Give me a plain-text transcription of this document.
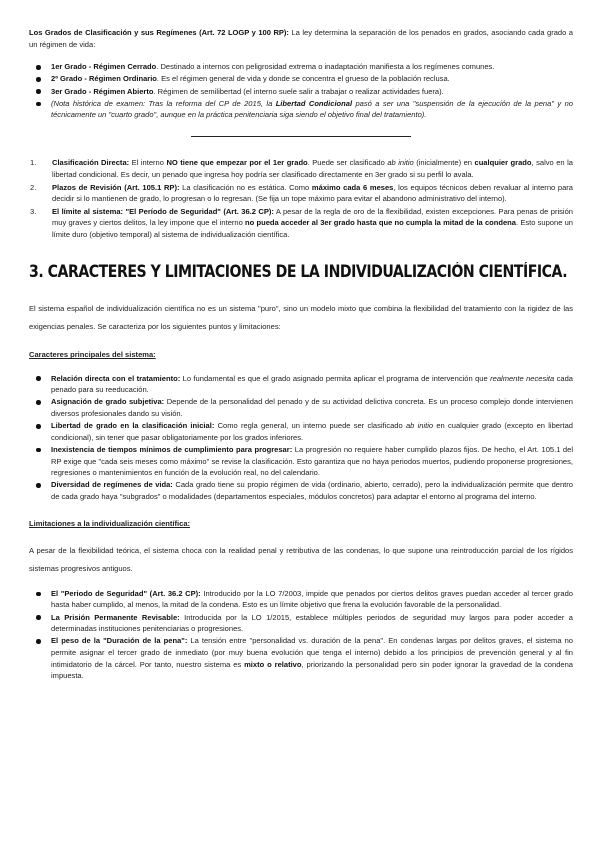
Los Grados de Clasificación y sus Regímenes (Art. 72 LOGP y 100 RP): La ley determina la separación de los penados en grados, asociando cada grado a un régimen de vida:

1er Grado - Régimen Cerrado. Destinado a internos con peligrosidad extrema o inadaptación manifiesta a los regímenes comunes.
2º Grado - Régimen Ordinario. Es el régimen general de vida y donde se concentra el grueso de la población reclusa.
3er Grado - Régimen Abierto. Régimen de semilibertad (el interno suele salir a trabajar o realizar actividades fuera).
(Nota histórica de examen: Tras la reforma del CP de 2015, la Libertad Condicional pasó a ser una "suspensión de la ejecución de la pena" y no técnicamente un "cuarto grado", aunque en la práctica penitenciaria siga siendo el objetivo final del tratamiento).
1. Clasificación Directa: El interno NO tiene que empezar por el 1er grado. Puede ser clasificado ab initio (inicialmente) en cualquier grado, salvo en la libertad condicional. Es decir, un penado que ingresa hoy podría ser clasificado directamente en 3er grado si su perfil lo avala.
2. Plazos de Revisión (Art. 105.1 RP): La clasificación no es estática. Como máximo cada 6 meses, los equipos técnicos deben revaluar al interno para decidir si lo mantienen de grado, lo progresan o lo regresan. (Se fija un tope máximo para evitar el abandono administrativo del interno).
3. El límite al sistema: "El Período de Seguridad" (Art. 36.2 CP): A pesar de la regla de oro de la flexibilidad, existen excepciones. Para penas de prisión muy graves y ciertos delitos, la ley impone que el interno no pueda acceder al 3er grado hasta que no cumpla la mitad de la condena. Esto supone un límite duro (objetivo temporal) al sistema de individualización científica.
3. CARACTERES Y LIMITACIONES DE LA INDIVIDUALIZACIÓN CIENTÍFICA.

El sistema español de individualización científica no es un sistema "puro", sino un modelo mixto que combina la flexibilidad del tratamiento con la rigidez de las exigencias penales. Se caracteriza por los siguientes puntos y limitaciones:

Caracteres principales del sistema:

Relación directa con el tratamiento: Lo fundamental es que el grado asignado permita aplicar el programa de intervención que realmente necesita cada penado para su reeducación.
Asignación de grado subjetiva: Depende de la personalidad del penado y de su actividad delictiva concreta. Es un proceso complejo donde intervienen diversos profesionales dando su visión.
Libertad de grado en la clasificación inicial: Como regla general, un interno puede ser clasificado ab initio en cualquier grado (excepto en libertad condicional), sin tener que pasar obligatoriamente por los grados inferiores.
Inexistencia de tiempos mínimos de cumplimiento para progresar: La progresión no requiere haber cumplido plazos fijos. De hecho, el Art. 105.1 del RP exige que "cada seis meses como máximo" se revise la clasificación. Esto garantiza que no haya periodos muertos, pudiendo proponerse progresiones, regresiones o mantenimientos en función de la evolución real, no del calendario.
Diversidad de regímenes de vida: Cada grado tiene su propio régimen de vida (ordinario, abierto, cerrado), pero la individualización permite que dentro de cada grado haya "subgrados" o modalidades (departamentos especiales, módulos concretos) para adaptar el entorno al programa del interno.

Limitaciones a la individualización científica:

A pesar de la flexibilidad teórica, el sistema choca con la realidad penal y retributiva de las condenas, lo que supone una reintroducción parcial de los rígidos sistemas progresivos antiguos.

El "Periodo de Seguridad" (Art. 36.2 CP): Introducido por la LO 7/2003, impide que penados por ciertos delitos graves puedan acceder al tercer grado hasta haber cumplido, al menos, la mitad de la condena. Esto es un límite objetivo que frena la evolución favorable de la personalidad.
La Prisión Permanente Revisable: Introducida por la LO 1/2015, establece múltiples periodos de seguridad muy largos para poder acceder a determinadas instituciones penitenciarias o progresiones.
El peso de la "Duración de la pena": La tensión entre "personalidad vs. duración de la pena". En condenas largas por delitos graves, el sistema no permite asignar el tercer grado de inmediato (por muy buena evolución que tenga el interno) debido a los principios de prevención general y al fin intimidatorio de la cárcel. Por tanto, nuestro sistema es mixto o relativo, priorizando la personalidad pero sin poder ignorar la gravedad de la condena impuesta.
